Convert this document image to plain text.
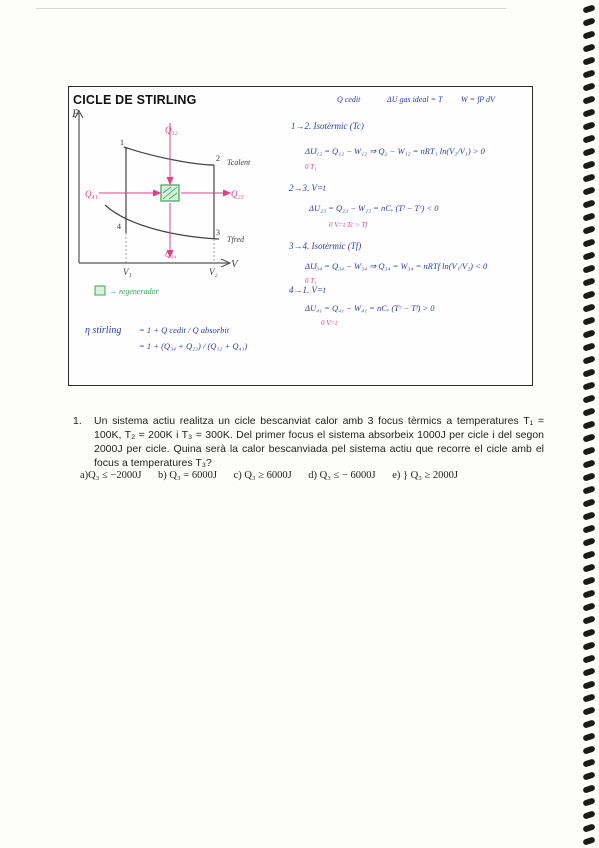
CICLE DE STIRLING
P
V
1
2
3
4
Q₁₂
Q₄₁	Q₂₃
Q₃₄
Tcalent
Tfred
V₁	V₂
→ regenerador
Q cedit	ΔU gas ideal = T W = ∫P dV
1→2. Isotèrmic (Tc)
ΔU̸₁₂ = Q₁₂ − W₁₂ ⇒ Q₂ − W₁₂ = nRT₁ ln(V₂/V₁) > 0
0 T₁
2→3. V=t
ΔU₂₃ = Q₂₃ − W₂₃ = nCᵥ (Tᶠ − Tᶜ) < 0
0 V=t Tc > Tf
3→4. Isotèrmic (Tf)
ΔU̸₃₄ = Q₃₄ − W₃₄ ⇒ Q₃₄ = W₃₄ = nRTf ln(V₁/V₂) < 0
0 T₁
4→1. V=t
ΔU₄₁ = Q₄₁ − W₄₁ = nCᵥ (Tᶜ − Tᶠ) > 0
0 V=t
η stirling = 1 + Q cedit / Q absorbit
= 1 + (Q₃₄ + Q₂₃) / (Q₁₂ + Q₄₁)
1. Un sistema actiu realitza un cicle bescanviat calor amb 3 focus tèrmics a temperatures T₁ = 100K, T₂ = 200K i T₃ = 300K. Del primer focus el sistema absorbeix 1000J per cicle i del segon 2000J per cicle. Quina serà la calor bescanviada pel sistema actiu que recorre el cicle amb el focus a temperatures T₃?
a)Q₃ ≤ −2000J b) Q₃ = 6000J c) Q₃ ≥ 6000J d) Q₃ ≤ − 6000J e) } Q₃ ≥ 2000J
